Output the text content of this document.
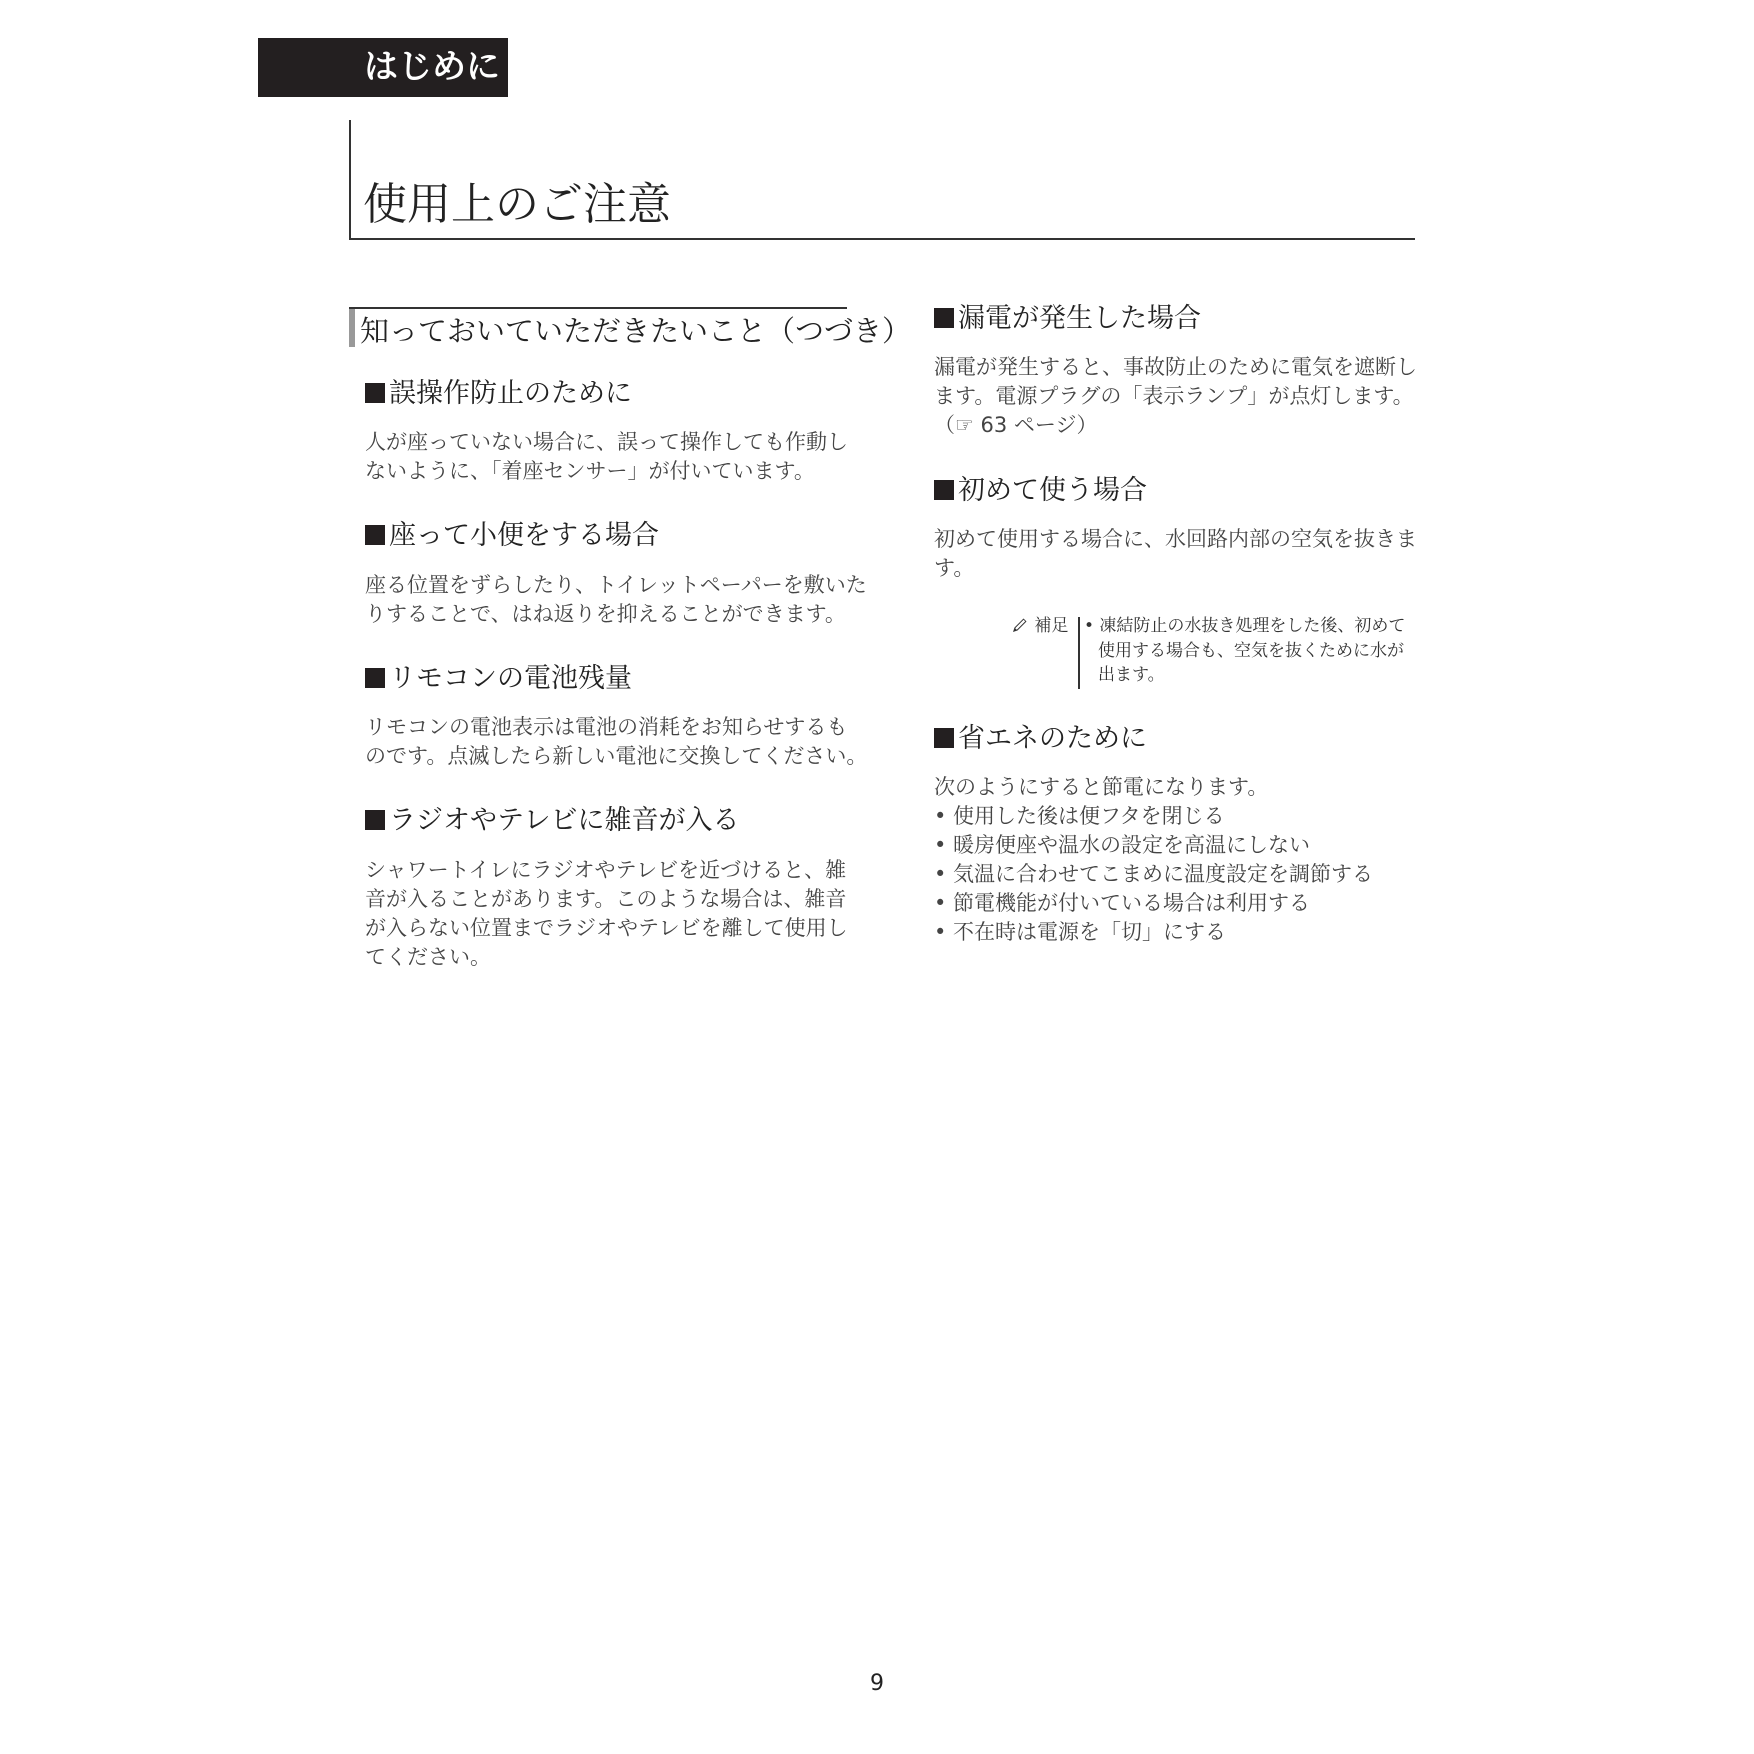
はじめに
使用上のご注意
知っておいていただきたいこと（つづき）
誤操作防止のために
人が座っていない場合に、誤って操作しても作動し
ないように、「着座センサー」が付いています。
座って小便をする場合
座る位置をずらしたり、トイレットペーパーを敷いた
りすることで、はね返りを抑えることができます。
リモコンの電池残量
リモコンの電池表示は電池の消耗をお知らせするも
のです。点滅したら新しい電池に交換してください。
ラジオやテレビに雑音が入る
シャワートイレにラジオやテレビを近づけると、雑
音が入ることがあります。このような場合は、雑音
が入らない位置までラジオやテレビを離して使用し
てください。
漏電が発生した場合
漏電が発生すると、事故防止のために電気を遮断し
ます。電源プラグの「表示ランプ」が点灯します。
（☞ 63 ページ）
初めて使う場合
初めて使用する場合に、水回路内部の空気を抜きま
す。
補足 • 凍結防止の水抜き処理をした後、初めて
使用する場合も、空気を抜くために水が
出ます。
省エネのために
次のようにすると節電になります。
• 使用した後は便フタを閉じる
• 暖房便座や温水の設定を高温にしない
• 気温に合わせてこまめに温度設定を調節する
• 節電機能が付いている場合は利用する
• 不在時は電源を「切」にする
9
